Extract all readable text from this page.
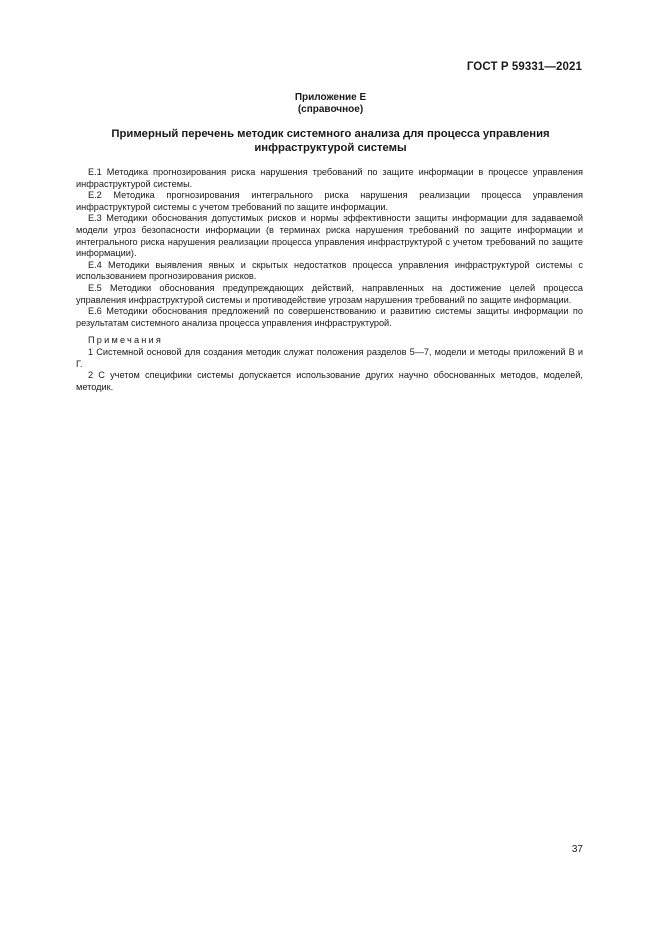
ГОСТ Р 59331—2021
Приложение Е
(справочное)
Примерный перечень методик системного анализа для процесса управления инфраструктурой системы

Е.1 Методика прогнозирования риска нарушения требований по защите информации в процессе управления инфраструктурой системы.

Е.2 Методика прогнозирования интегрального риска нарушения реализации процесса управления инфраструктурой системы с учетом требований по защите информации.

Е.3 Методики обоснования допустимых рисков и нормы эффективности защиты информации для задаваемой модели угроз безопасности информации (в терминах риска нарушения требований по защите информации и интегрального риска нарушения реализации процесса управления инфраструктурой с учетом требований по защите информации).

Е.4 Методики выявления явных и скрытых недостатков процесса управления инфраструктурой системы с использованием прогнозирования рисков.

Е.5 Методики обоснования предупреждающих действий, направленных на достижение целей процесса управления инфраструктурой системы и противодействие угрозам нарушения требований по защите информации.

Е.6 Методики обоснования предложений по совершенствованию и развитию системы защиты информации по результатам системного анализа процесса управления инфраструктурой.

Примечания

1 Системной основой для создания методик служат положения разделов 5—7, модели и методы приложений В и Г.

2 С учетом специфики системы допускается использование других научно обоснованных методов, моделей, методик.

37
